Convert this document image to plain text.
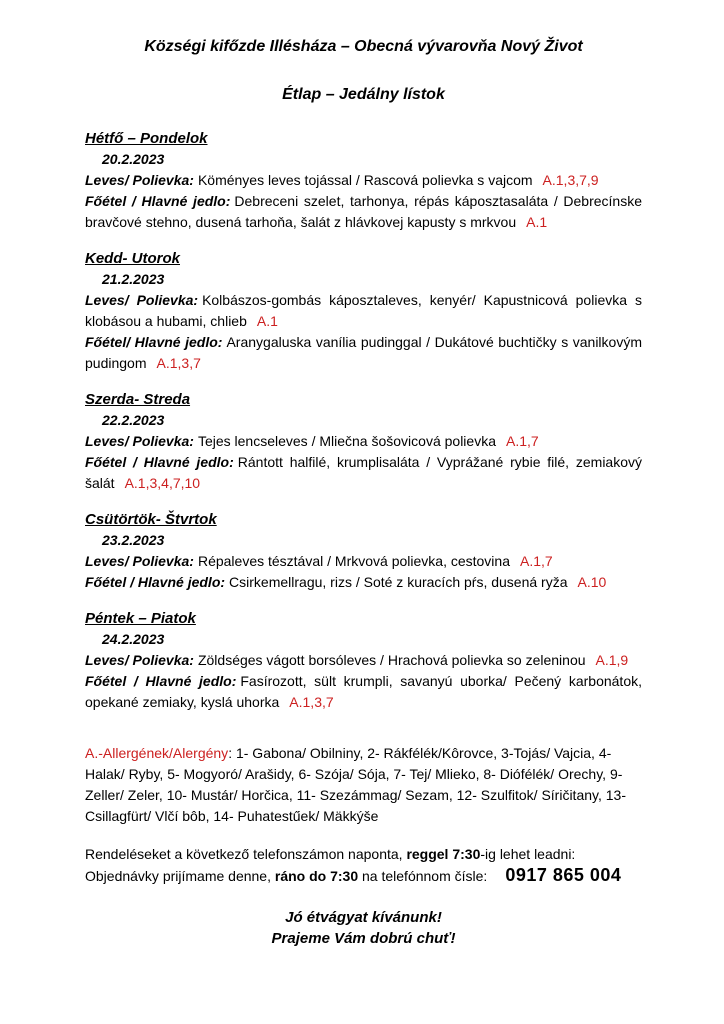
Községi kifőzde Illésháza – Obecná vývarovňa Nový Život
Étlap – Jedálny lístok
Hétfő – Pondelok

20.2.2023

Leves/ Polievka: Köményes leves tojással / Rascová polievka s vajcom A.1,3,7,9

Főétel / Hlavné jedlo: Debreceni szelet, tarhonya, répás káposztasaláta / Debrecínske bravčové stehno, dusená tarhoňa, šalát z hlávkovej kapusty s mrkvou A.1

Kedd- Utorok

21.2.2023

Leves/ Polievka: Kolbászos-gombás káposztaleves, kenyér/ Kapustnicová polievka s klobásou a hubami, chlieb A.1

Főétel/ Hlavné jedlo: Aranygaluska vanília pudinggal / Dukátové buchtičky s vanilkovým pudingom A.1,3,7

Szerda- Streda

22.2.2023

Leves/ Polievka: Tejes lencseleves / Mliečna šošovicová polievka A.1,7

Főétel / Hlavné jedlo: Rántott halfilé, krumplisaláta / Vyprážané rybie filé, zemiakový šalát A.1,3,4,7,10

Csütörtök- Štvrtok

23.2.2023

Leves/ Polievka: Répaleves tésztával / Mrkvová polievka, cestovina A.1,7

Főétel / Hlavné jedlo: Csirkemellragu, rizs / Soté z kuracích pŕs, dusená ryža A.10

Péntek – Piatok

24.2.2023

Leves/ Polievka: Zöldséges vágott borsóleves / Hrachová polievka so zeleninou A.1,9

Főétel / Hlavné jedlo: Fasírozott, sült krumpli, savanyú uborka/ Pečený karbonátok, opekané zemiaky, kyslá uhorka A.1,3,7

A.-Allergének/Alergény: 1- Gabona/ Obilniny, 2- Rákfélék/Kôrovce, 3-Tojás/ Vajcia, 4- Halak/ Ryby, 5- Mogyoró/ Arašidy, 6- Szója/ Sója, 7- Tej/ Mlieko, 8- Diófélék/ Orechy, 9- Zeller/ Zeler, 10- Mustár/ Horčica, 11- Szezámmag/ Sezam, 12- Szulfitok/ Síričitany, 13- Csillagfürt/ Vlčí bôb, 14- Puhatestűek/ Mäkkýše

Rendeléseket a következő telefonszámon naponta, reggel 7:30-ig lehet leadni:

Objednávky prijímame denne, ráno do 7:30 na telefónnom čísle: 0917 865 004

Jó étvágyat kívánunk!

Prajeme Vám dobrú chuť!
